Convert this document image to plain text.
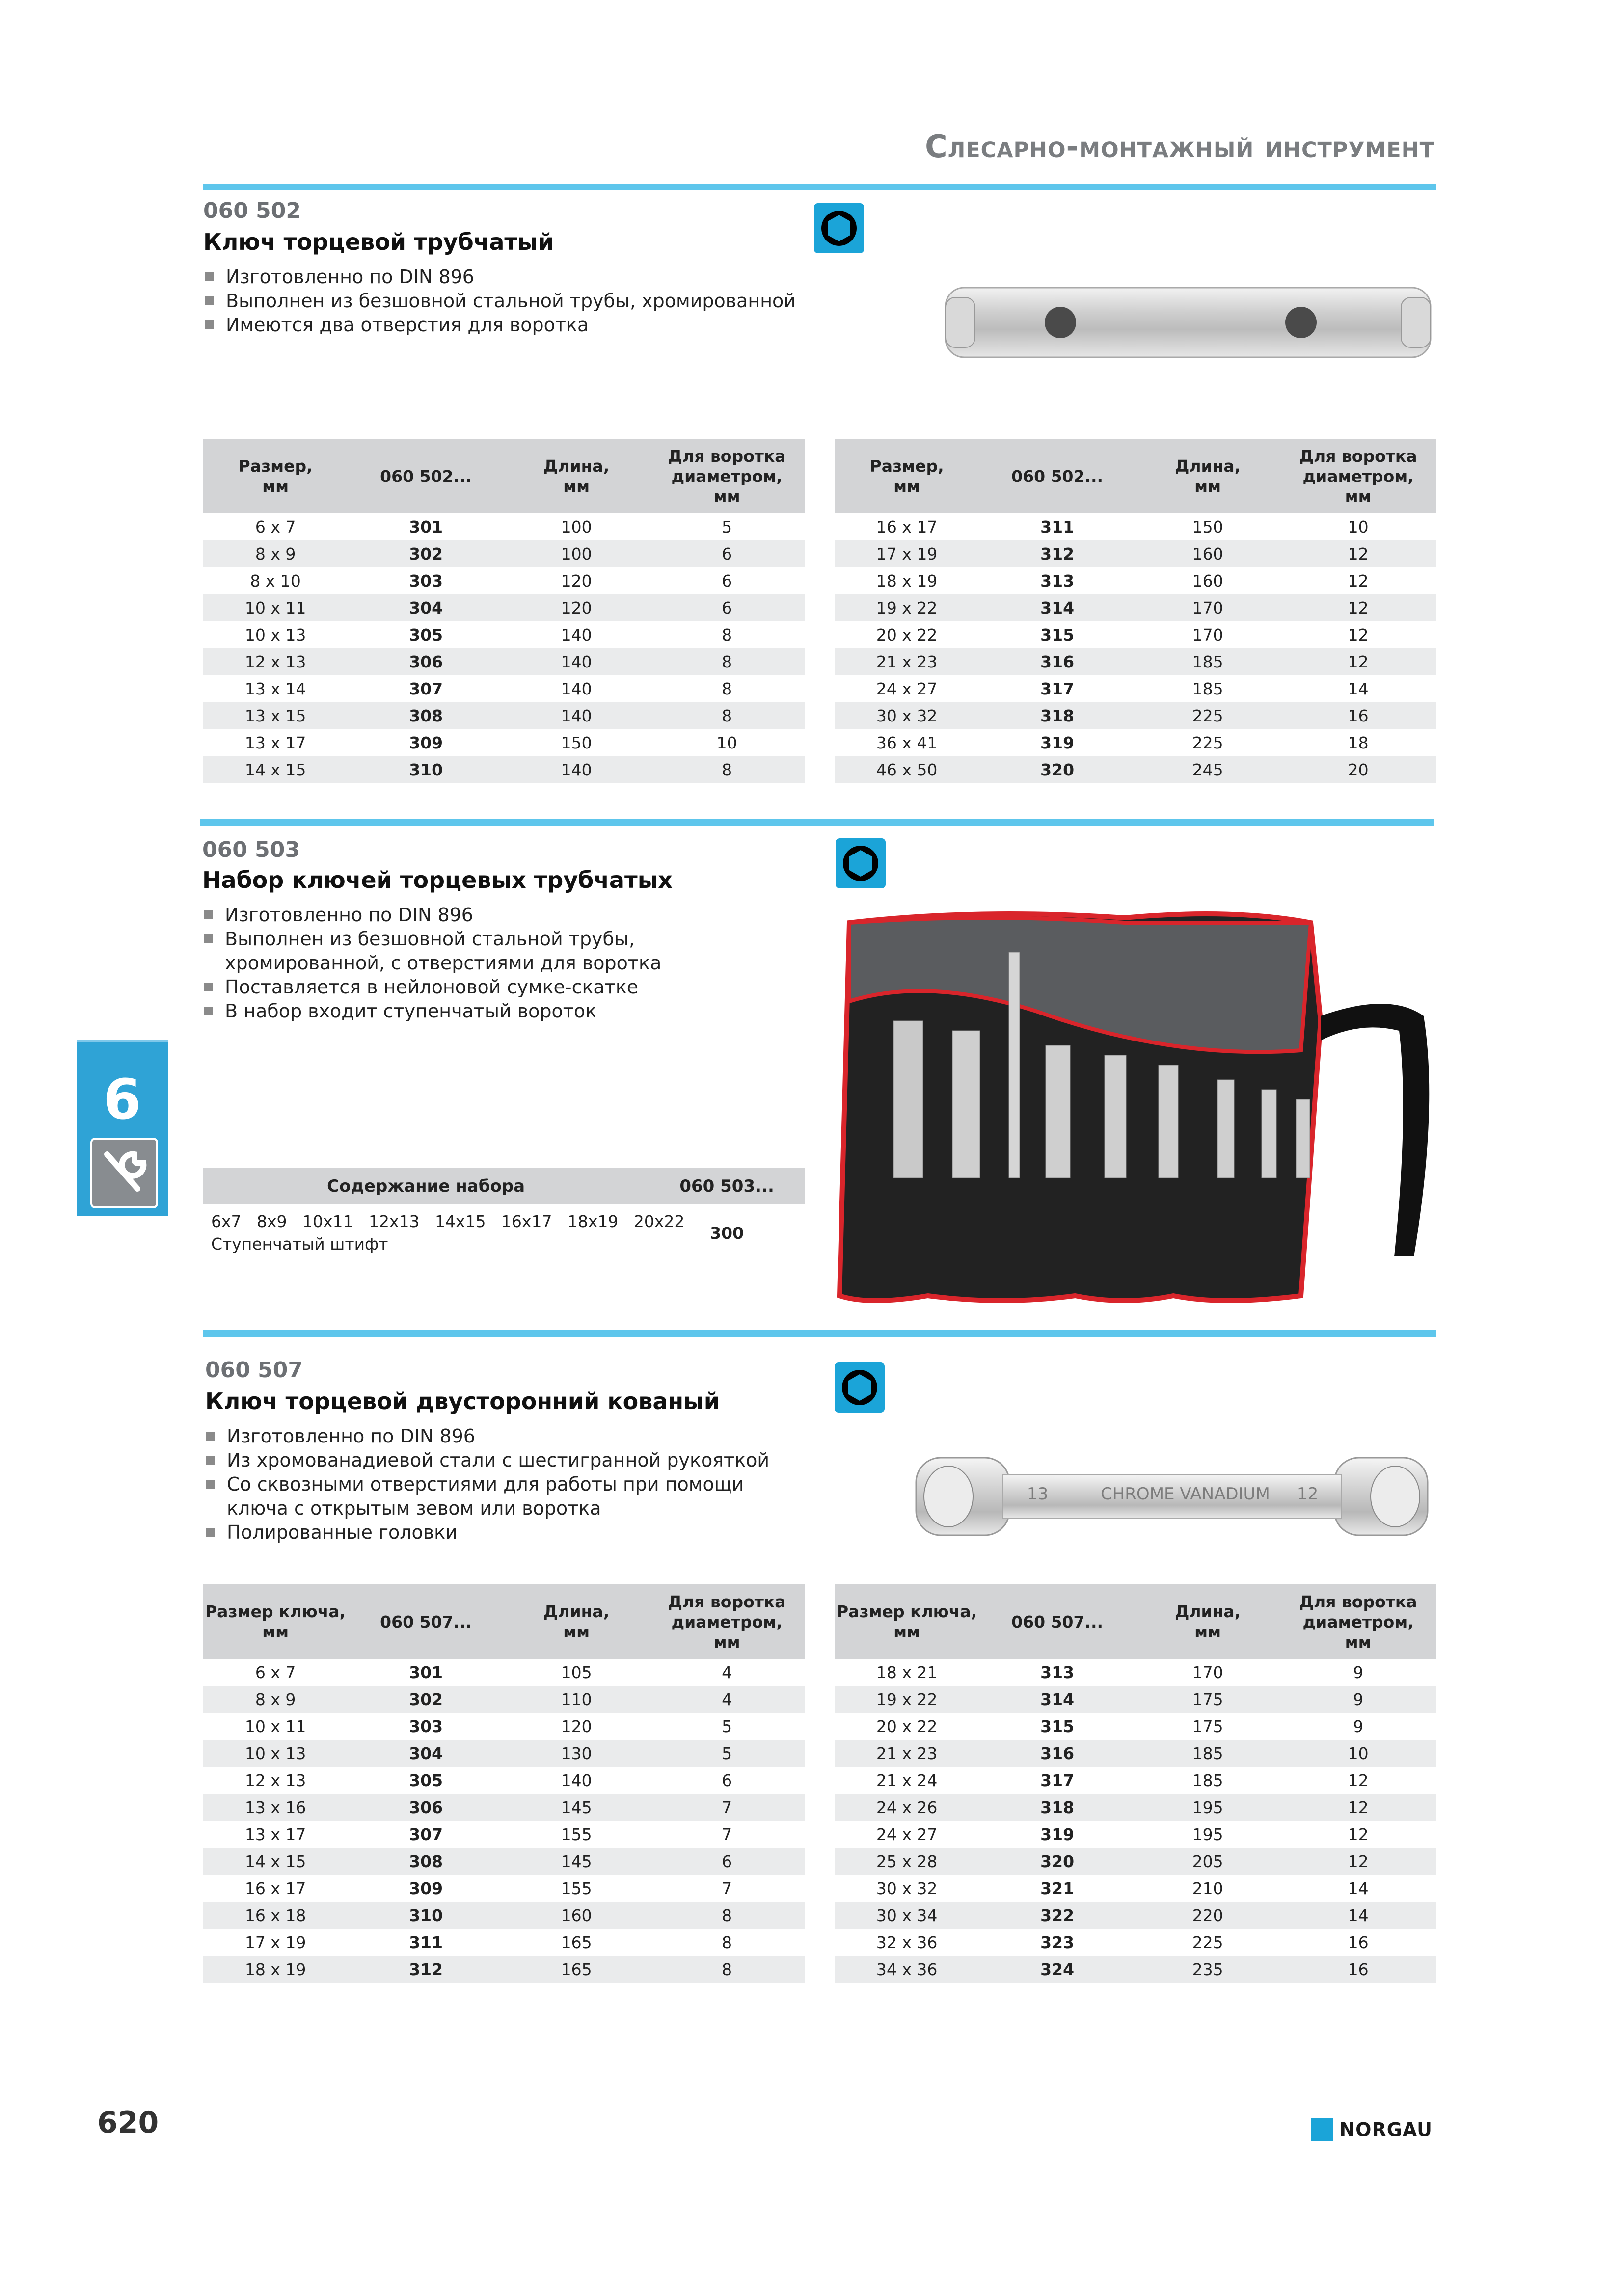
Слесарно-монтажный инструмент
060 502
Ключ торцевой трубчатый
Изготовленно по DIN 896
Выполнен из безшовной стальной трубы, хромированной
Имеются два отверстия для воротка
Размер,
мм	060 502...	Длина,
мм	Для воротка
диаметром,
мм
6 x 7	301	100	5
8 x 9	302	100	6
8 x 10	303	120	6
10 x 11	304	120	6
10 x 13	305	140	8
12 x 13	306	140	8
13 x 14	307	140	8
13 x 15	308	140	8
13 x 17	309	150	10
14 x 15	310	140	8
Размер,
мм	060 502...	Длина,
мм	Для воротка
диаметром,
мм
16 x 17	311	150	10
17 x 19	312	160	12
18 x 19	313	160	12
19 x 22	314	170	12
20 x 22	315	170	12
21 x 23	316	185	12
24 x 27	317	185	14
30 x 32	318	225	16
36 x 41	319	225	18
46 x 50	320	245	20
060 503
Набор ключей торцевых трубчатых
Изготовленно по DIN 896
Выполнен из безшовной стальной трубы, хромированной, с отверстиями для воротка
Поставляется в нейлоновой сумке-скатке
В набор входит ступенчатый вороток
Содержание набора	060 503...

6x7   8x9   10x11   12x13   14x15   16x17   18x19   20x22
Ступенчатый штифт	300
6
060 507
Ключ торцевой двусторонний кованый
Изготовленно по DIN 896
Из хромованадиевой стали с шестигранной рукояткой
Со сквозными отверстиями для работы при помощи ключа с открытым зевом или воротка
Полированные головки
13	CHROME VANADIUM 12
Размер ключа,
мм	060 507...	Длина,
мм	Для воротка
диаметром,
мм
6 x 7	301	105	4
8 x 9	302	110	4
10 x 11	303	120	5
10 x 13	304	130	5
12 x 13	305	140	6
13 x 16	306	145	7
13 x 17	307	155	7
14 x 15	308	145	6
16 x 17	309	155	7
16 x 18	310	160	8
17 x 19	311	165	8
18 x 19	312	165	8
Размер ключа,
мм	060 507...	Длина,
мм	Для воротка
диаметром,
мм
18 x 21	313	170	9
19 x 22	314	175	9
20 x 22	315	175	9
21 x 23	316	185	10
21 x 24	317	185	12
24 x 26	318	195	12
24 x 27	319	195	12
25 x 28	320	205	12
30 x 32	321	210	14
30 x 34	322	220	14
32 x 36	323	225	16
34 x 36	324	235	16
620	NORGAU
